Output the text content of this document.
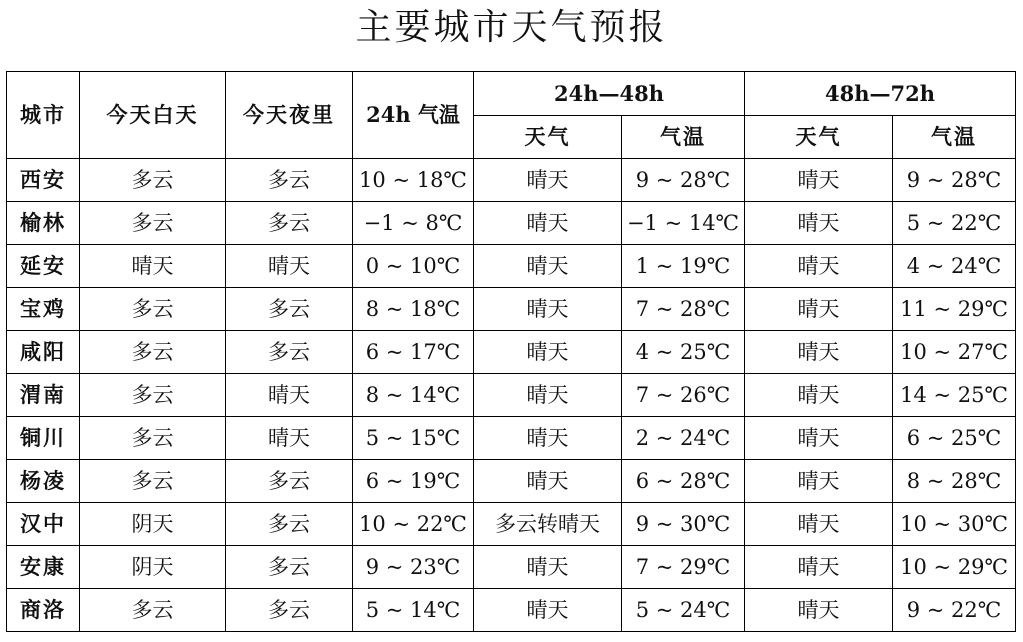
主要城市天气预报
城市	今天白天	今天夜里	24h 气温	24h—48h		48h—72h	
				天气	气温	天气	气温
西安	多云	多云	10 ~ 18℃	晴天	9 ~ 28℃	晴天	9 ~ 28℃
榆林	多云	多云	−1 ~ 8℃	晴天	−1 ~ 14℃	晴天	5 ~ 22℃
延安	晴天	晴天	0 ~ 10℃	晴天	1 ~ 19℃	晴天	4 ~ 24℃
宝鸡	多云	多云	8 ~ 18℃	晴天	7 ~ 28℃	晴天	11 ~ 29℃
咸阳	多云	多云	6 ~ 17℃	晴天	4 ~ 25℃	晴天	10 ~ 27℃
渭南	多云	晴天	8 ~ 14℃	晴天	7 ~ 26℃	晴天	14 ~ 25℃
铜川	多云	晴天	5 ~ 15℃	晴天	2 ~ 24℃	晴天	6 ~ 25℃
杨凌	多云	多云	6 ~ 19℃	晴天	6 ~ 28℃	晴天	8 ~ 28℃
汉中	阴天	多云	10 ~ 22℃	多云转晴天	9 ~ 30℃	晴天	10 ~ 30℃
安康	阴天	多云	9 ~ 23℃	晴天	7 ~ 29℃	晴天	10 ~ 29℃
商洛	多云	多云	5 ~ 14℃	晴天	5 ~ 24℃	晴天	9 ~ 22℃
